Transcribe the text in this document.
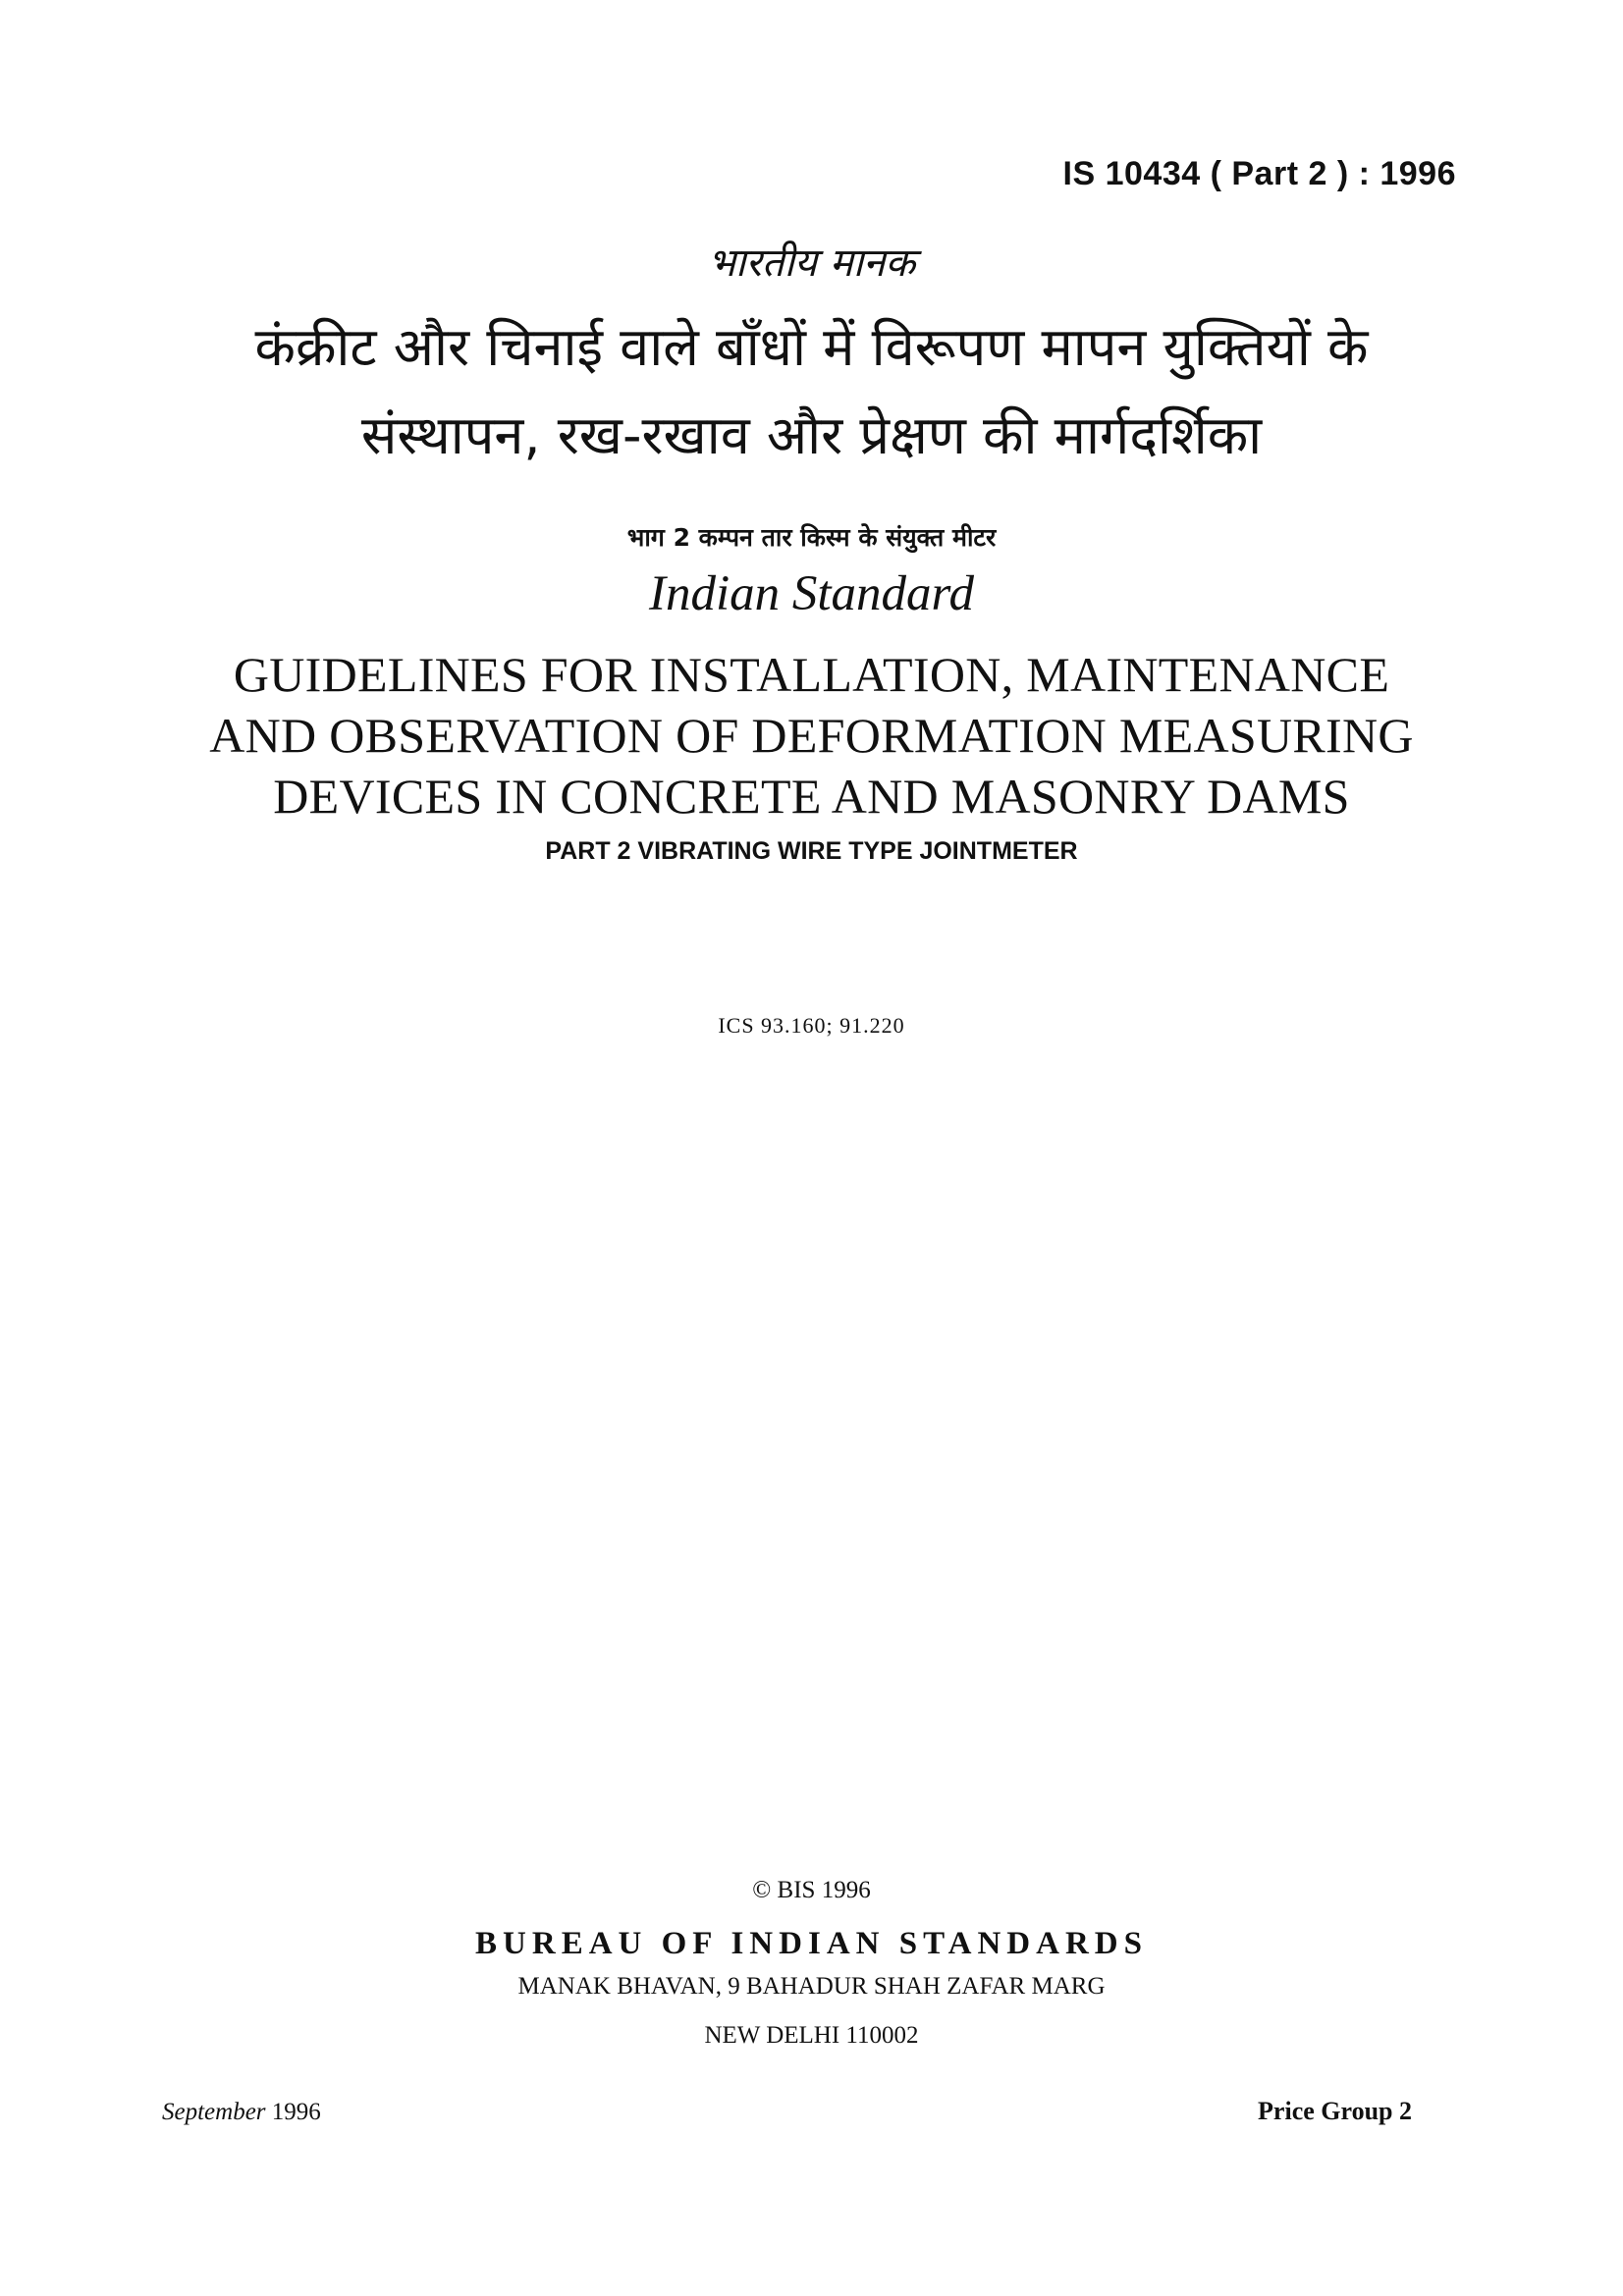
IS 10434 ( Part 2 ) : 1996
भारतीय मानक
कंक्रीट और चिनाई वाले बाँधों में विरूपण मापन युक्तियों के
संस्थापन, रख-रखाव और प्रेक्षण की मार्गदर्शिका
भाग 2 कम्पन तार किस्म के संयुक्त मीटर
Indian Standard
GUIDELINES FOR INSTALLATION, MAINTENANCE
AND OBSERVATION OF DEFORMATION MEASURING
DEVICES IN CONCRETE AND MASONRY DAMS
PART 2 VIBRATING WIRE TYPE JOINTMETER
ICS 93.160; 91.220
© BIS 1996
BUREAU OF INDIAN STANDARDS
MANAK BHAVAN, 9 BAHADUR SHAH ZAFAR MARG
NEW DELHI 110002
September 1996	Price Group 2
